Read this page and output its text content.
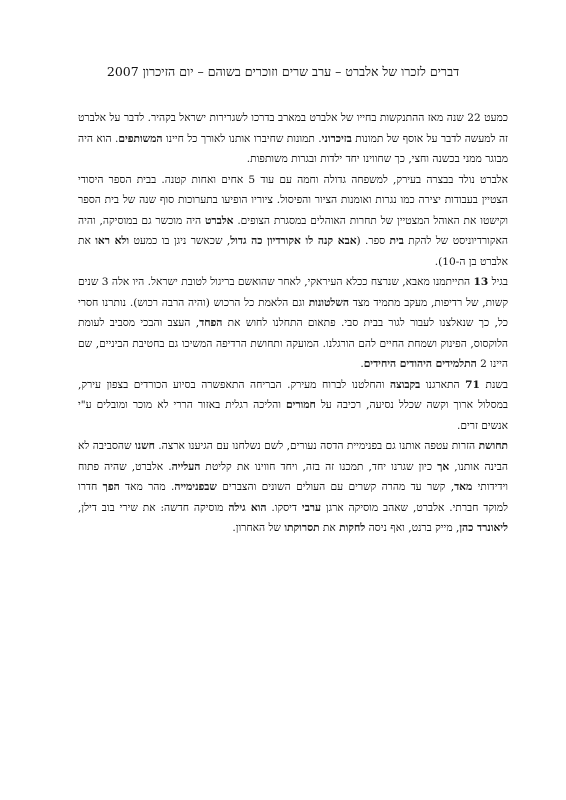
דברים לזכרו של אלברט – ערב שרים וזוכרים בשוהם – יום הזיכרון 2007

כמעט 22 שנה מאז ההתנקשות בחייו של אלברט במארב בדרכו לשגרירות ישראל בקהיר. לדבר על אלברט זה למעשה לדבר על אוסף של תמונות בזיכרוני. תמונות שחיברו אותנו לאורך כל חיינו המשותפים. הוא היה מבוגר ממני בכשנה וחצי, כך שחווינו יחד ילדות ובגרות משותפות.

אלברט נולד בבצרה בעירק, למשפחה גדולה וחמה עם עוד 5 אחים ואחות קטנה. בבית הספר היסודי הצטיין בעבודות יצירה כמו נגרות ואומנות הציור והפיסול. ציוריו הופיעו בתערוכות סוף שנה של בית הספר וקישטו את האוהל המצטיין של תחרות האוהלים במסגרת הצופים. אלברט היה מוכשר גם במוסיקה, והיה האקורדיוניסט של להקת בית ספר. (אבא קנה לו אקורדיון כה גדול, שכאשר ניגן בו כמעט ולא ראו את אלברט בן ה-10).

בגיל 13 התייתמנו מאבא, שנרצח ככלא העיראקי, לאחר שהואשם בריגול לטובת ישראל. היו אלה 3 שנים קשות, של רדיפות, מעקב מתמיד מצד השלטונות וגם הלאמת כל הרכוש (והיה הרבה רכוש). נותרנו חסרי כל, כך שנאלצנו לעבור לגור בבית סבי. פתאום התחלנו לחוש את הפחד, העצב והבכי מסביב לעומת הלוקסוס, הפינוק ושמחת החיים להם הורגלנו. המועקה ותחושת הרדיפה המשיכו גם בחטיבת הביניים, שם היינו 2 התלמידים היהודים היחידים.

בשנת 71 התארגנו בקבוצה והחלטנו לברוח מעירק. הבריחה התאפשרה בסיוע הכורדים בצפון עירק, במסלול ארוך וקשה שכלל נסיעה, רכיבה על חמורים והליכה רגלית באזור הררי לא מוכר ומובלים ע"י אנשים זרים.

תחושת הזרות עטפה אותנו גם בפנימיית הדסה נעורים, לשם נשלחנו עם הגיענו ארצה. חשנו שהסביבה לא הבינה אותנו, אך כיון שגרנו יחד, תמכנו זה בזה, ויחד חווינו את קליטת העלייה. אלברט, שהיה פתוח וידידותי מאד, קשר עד מהרה קשרים עם העולים השונים והצברים שבפנימייה. מהר מאד הפך חדרו למוקד חברתי. אלברט, שאהב מוסיקה ארגן ערבי דיסקו. הוא גילה מוסיקה חדשה: את שירי בוב דילן, ליאונרד כהן, מייק ברנט, ואף ניסה לחקות את תסרוקתו של האחרון.
